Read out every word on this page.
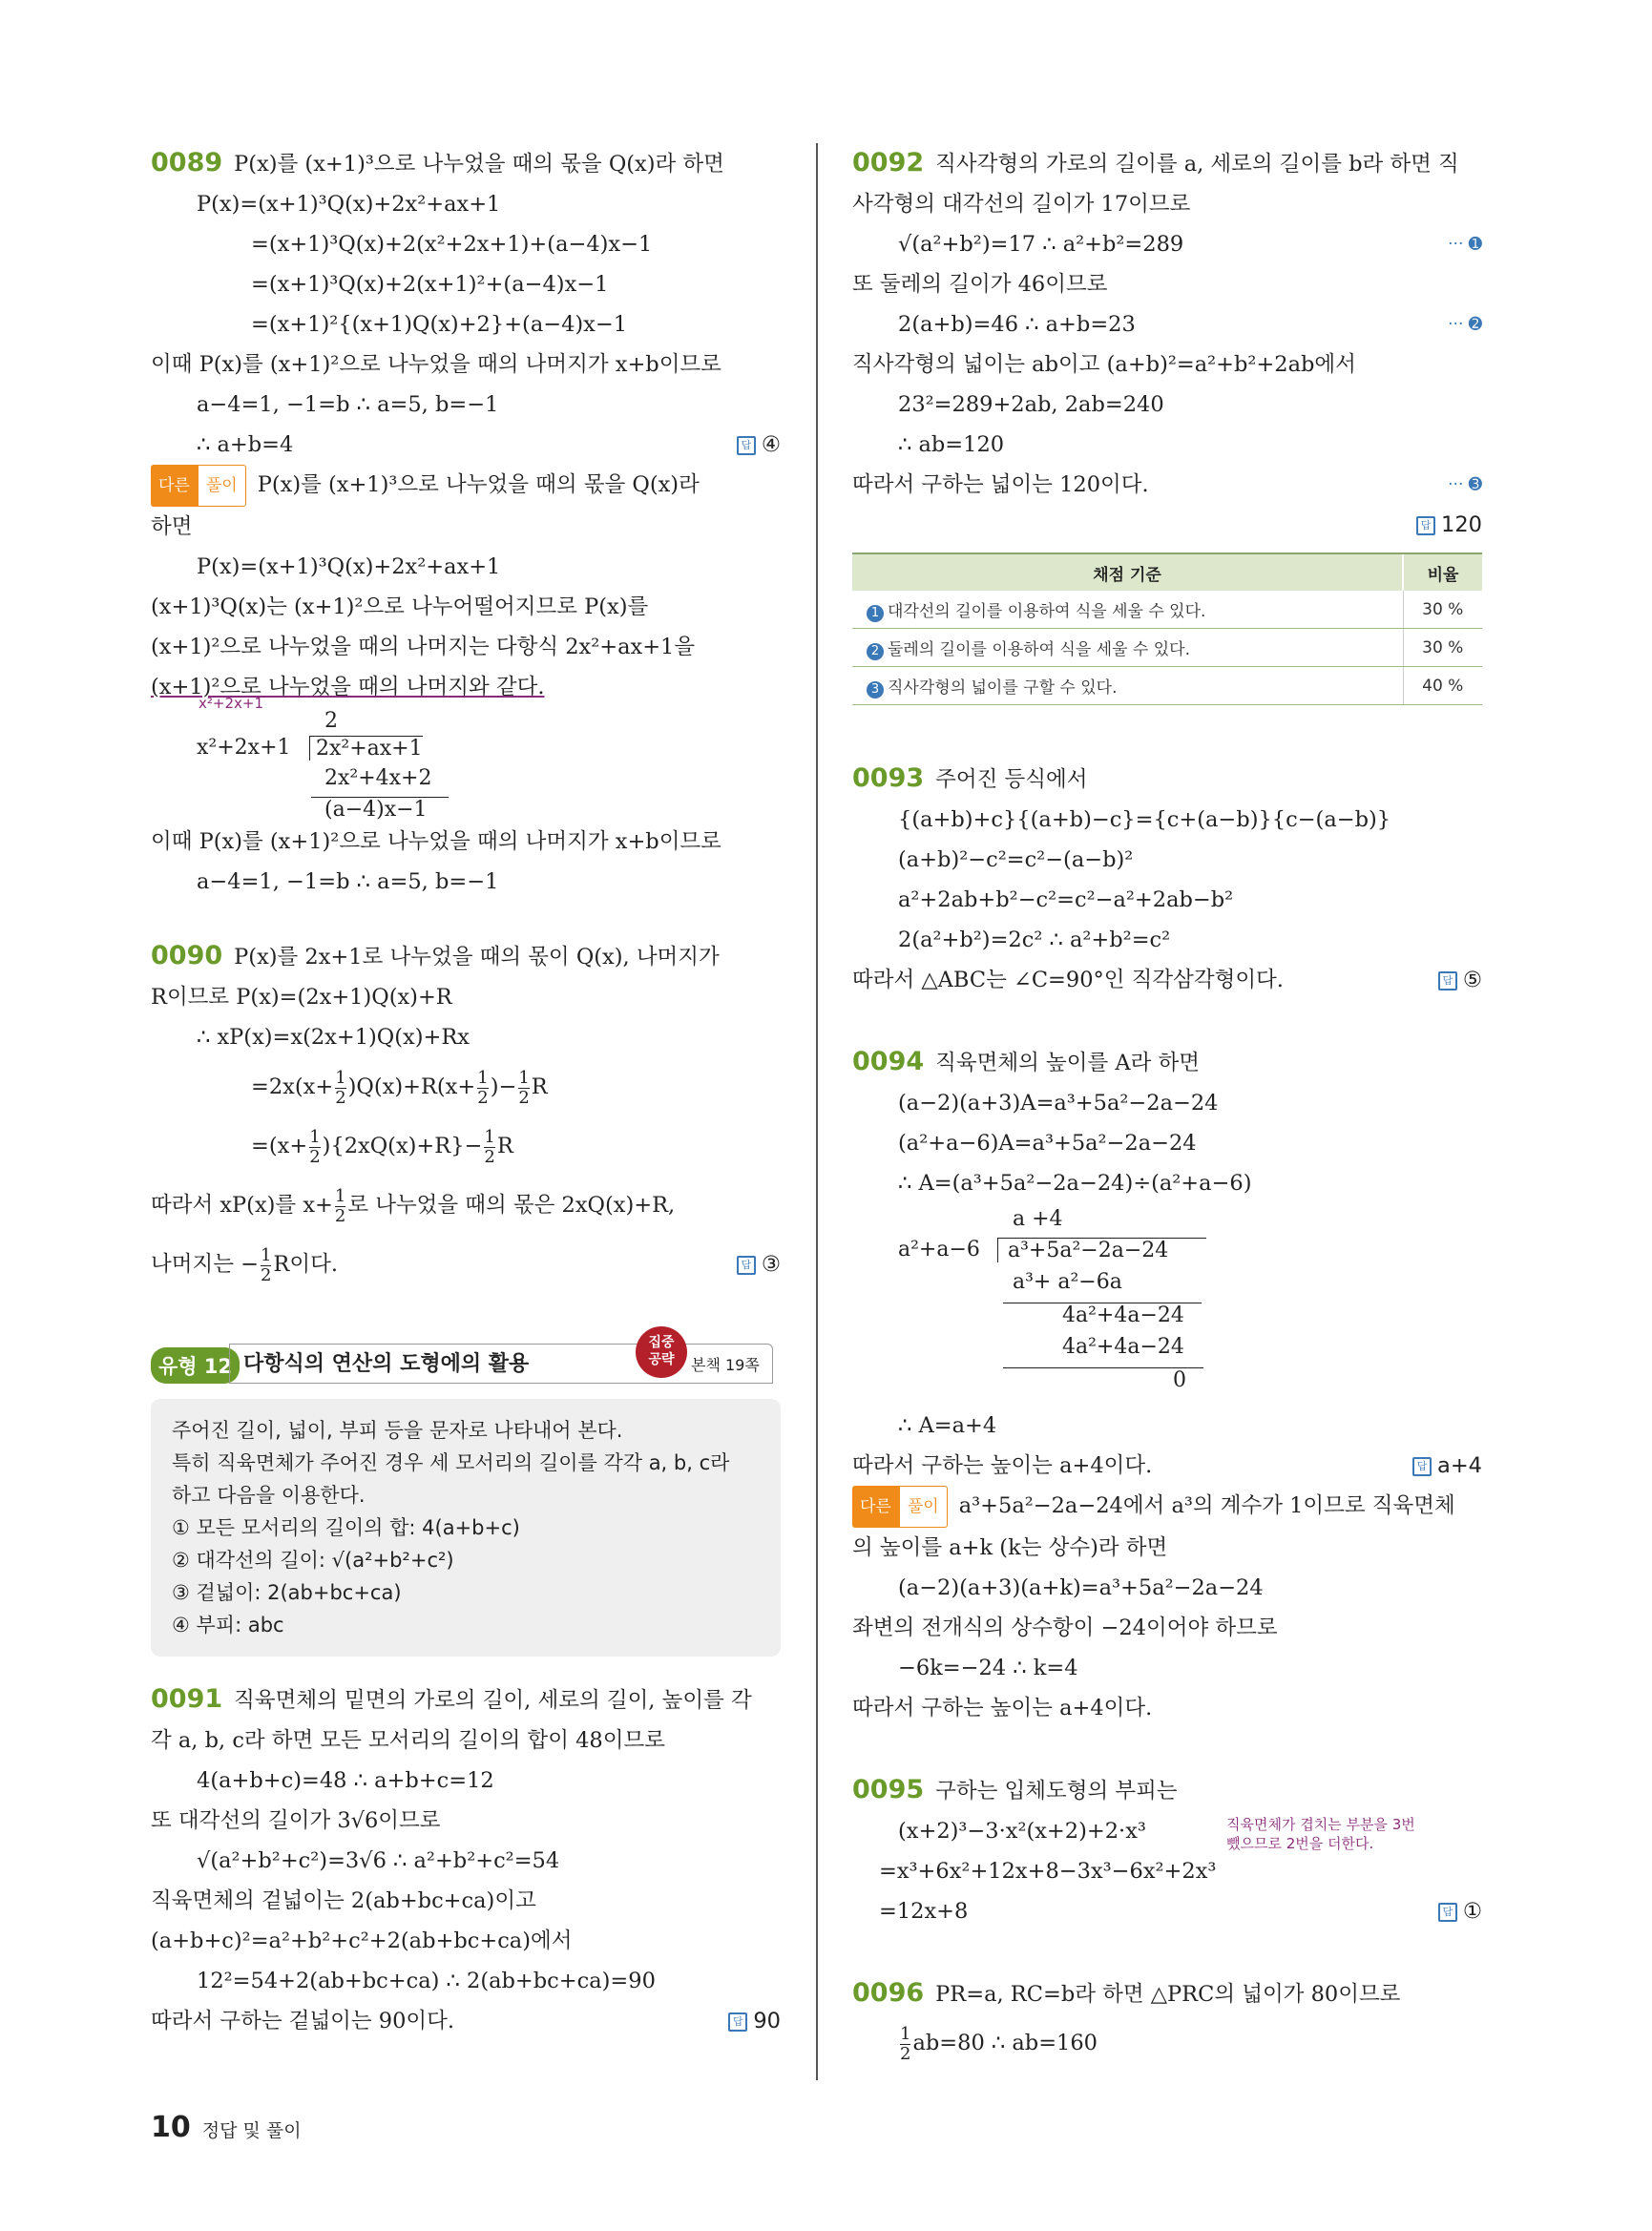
0089 P(x)를 (x+1)³으로 나누었을 때의 몫을 Q(x)라 하면
P(x)=(x+1)³Q(x)+2x²+ax+1
=(x+1)³Q(x)+2(x²+2x+1)+(a−4)x−1
=(x+1)³Q(x)+2(x+1)²+(a−4)x−1
=(x+1)²{(x+1)Q(x)+2}+(a−4)x−1
이때 P(x)를 (x+1)²으로 나누었을 때의 나머지가 x+b이므로
a−4=1, −1=b ∴ a=5, b=−1
∴ a+b=4	답 ④
다른 풀이 P(x)를 (x+1)³으로 나누었을 때의 몫을 Q(x)라
하면
P(x)=(x+1)³Q(x)+2x²+ax+1
(x+1)³Q(x)는 (x+1)²으로 나누어떨어지므로 P(x)를
(x+1)²으로 나누었을 때의 나머지는 다항식 2x²+ax+1을
(x+1)²으로 나누었을 때의 나머지와 같다.
x²+2x+1
2
x²+2x+1	2x²+ax+1
2x²+4x+2
(a−4)x−1
이때 P(x)를 (x+1)²으로 나누었을 때의 나머지가 x+b이므로
a−4=1, −1=b ∴ a=5, b=−1
0090 P(x)를 2x+1로 나누었을 때의 몫이 Q(x), 나머지가
R이므로 P(x)=(2x+1)Q(x)+R
∴ xP(x)=x(2x+1)Q(x)+Rx
$=2x(x+ \frac{1}{2} )Q(x)+R(x+ \frac{1}{2}$ )− $\frac{1}{2}$ R
$=(x+ \frac{1}{2} )\{2xQ(x)+R\}- \frac{1}{2}$ R
따라서 xP(x)를 $x+ \frac{1}{2}$ 로 나누었을 때의 몫은 2xQ(x)+R,
나머지는 − $\frac{1}{2}$ R이다.	답 ③
유형 12 다항식의 연산의 도형에의 활용
집중
공략	본책 19쪽
주어진 길이, 넓이, 부피 등을 문자로 나타내어 본다.
특히 직육면체가 주어진 경우 세 모서리의 길이를 각각 a, b, c라
하고 다음을 이용한다.
① 모든 모서리의 길이의 합: 4(a+b+c)
② 대각선의 길이: √(a²+b²+c²)
③ 겉넓이: 2(ab+bc+ca)
④ 부피: abc
0091 직육면체의 밑면의 가로의 길이, 세로의 길이, 높이를 각
각 a, b, c라 하면 모든 모서리의 길이의 합이 48이므로
4(a+b+c)=48 ∴ a+b+c=12
또 대각선의 길이가 3√6이므로
√(a²+b²+c²)=3√6 ∴ a²+b²+c²=54
직육면체의 겉넓이는 2(ab+bc+ca)이고
(a+b+c)²=a²+b²+c²+2(ab+bc+ca)에서
12²=54+2(ab+bc+ca) ∴ 2(ab+bc+ca)=90
따라서 구하는 겉넓이는 90이다.	답 90
0092 직사각형의 가로의 길이를 a, 세로의 길이를 b라 하면 직
사각형의 대각선의 길이가 17이므로
√(a²+b²)=17 ∴ a²+b²=289	··· ➊
또 둘레의 길이가 46이므로
2(a+b)=46 ∴ a+b=23	··· ➋
직사각형의 넓이는 ab이고 (a+b)²=a²+b²+2ab에서
23²=289+2ab, 2ab=240
∴ ab=120
따라서 구하는 넓이는 120이다.	··· ➌
답 120

채점 기준	비율
1 대각선의 길이를 이용하여 식을 세울 수 있다.	30 %
2 둘레의 길이를 이용하여 식을 세울 수 있다.	30 %
3 직사각형의 넓이를 구할 수 있다.	40 %
0093 주어진 등식에서
{(a+b)+c}{(a+b)−c}={c+(a−b)}{c−(a−b)}
(a+b)²−c²=c²−(a−b)²
a²+2ab+b²−c²=c²−a²+2ab−b²
2(a²+b²)=2c² ∴ a²+b²=c²
따라서 △ABC는 ∠C=90°인 직각삼각형이다.	답 ⑤
0094 직육면체의 높이를 A라 하면
(a−2)(a+3)A=a³+5a²−2a−24
(a²+a−6)A=a³+5a²−2a−24
∴ A=(a³+5a²−2a−24)÷(a²+a−6)
a +4
a²+a−6	a³+5a²−2a−24
a³+ a²−6a
4a²+4a−24
4a²+4a−24
0
∴ A=a+4
따라서 구하는 높이는 a+4이다.	답 a+4
다른 풀이 a³+5a²−2a−24에서 a³의 계수가 1이므로 직육면체
의 높이를 a+k (k는 상수)라 하면
(a−2)(a+3)(a+k)=a³+5a²−2a−24
좌변의 전개식의 상수항이 −24이어야 하므로
−6k=−24 ∴ k=4
따라서 구하는 높이는 a+4이다.
0095 구하는 입체도형의 부피는
(x+2)³−3·x²(x+2)+2·x³	직육면체가 겹치는 부분을 3번
뺐으므로 2번을 더한다.
=x³+6x²+12x+8−3x³−6x²+2x³
=12x+8	답 ①
0096 PR=a, RC=b라 하면 △PRC의 넓이가 80이므로
$\frac{1}{2} ab=80$ ∴ ab=160
10 정답 및 풀이
